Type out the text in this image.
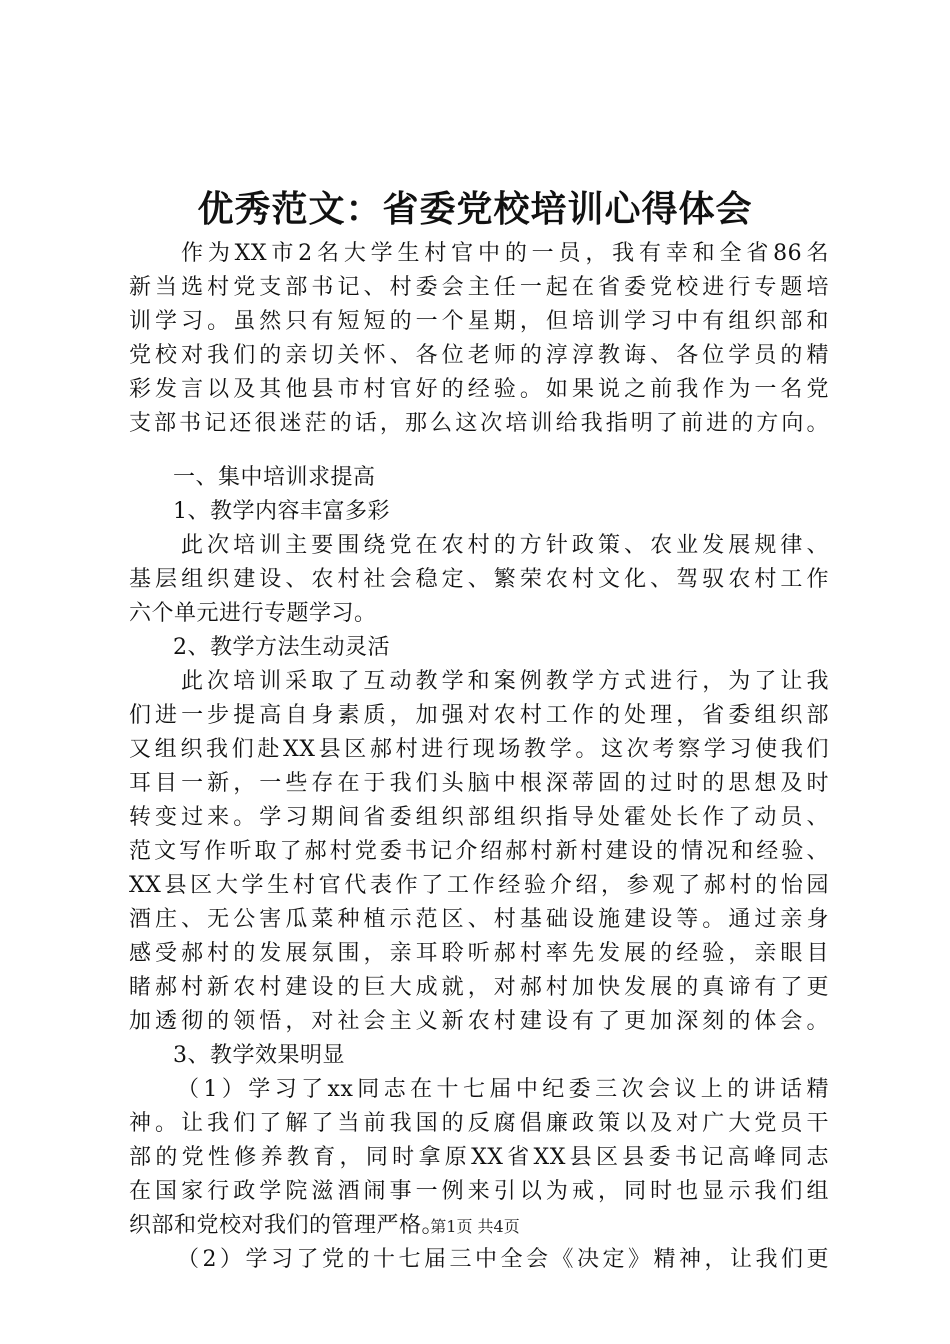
优秀范文：省委党校培训心得体会
作为XX市2名大学生村官中的一员，我有幸和全省86名
新当选村党支部书记、村委会主任一起在省委党校进行专题培
训学习。虽然只有短短的一个星期，但培训学习中有组织部和
党校对我们的亲切关怀、各位老师的淳淳教诲、各位学员的精
彩发言以及其他县市村官好的经验。如果说之前我作为一名党
支部书记还很迷茫的话，那么这次培训给我指明了前进的方向。
一、集中培训求提高
1、教学内容丰富多彩
此次培训主要围绕党在农村的方针政策、农业发展规律、
基层组织建设、农村社会稳定、繁荣农村文化、驾驭农村工作
六个单元进行专题学习。
2、教学方法生动灵活
此次培训采取了互动教学和案例教学方式进行，为了让我
们进一步提高自身素质，加强对农村工作的处理，省委组织部
又组织我们赴XX县区郝村进行现场教学。这次考察学习使我们
耳目一新，一些存在于我们头脑中根深蒂固的过时的思想及时
转变过来。学习期间省委组织部组织指导处霍处长作了动员、
范文写作听取了郝村党委书记介绍郝村新村建设的情况和经验、
XX县区大学生村官代表作了工作经验介绍，参观了郝村的怡园
酒庄、无公害瓜菜种植示范区、村基础设施建设等。通过亲身
感受郝村的发展氛围，亲耳聆听郝村率先发展的经验，亲眼目
睹郝村新农村建设的巨大成就，对郝村加快发展的真谛有了更
加透彻的领悟，对社会主义新农村建设有了更加深刻的体会。
3、教学效果明显
（1）学习了xx同志在十七届中纪委三次会议上的讲话精
神。让我们了解了当前我国的反腐倡廉政策以及对广大党员干
部的党性修养教育，同时拿原XX省XX县区县委书记高峰同志
在国家行政学院滋酒闹事一例来引以为戒，同时也显示我们组
织部和党校对我们的管理严格。
（2）学习了党的十七届三中全会《决定》精神，让我们更
第1页 共4页
